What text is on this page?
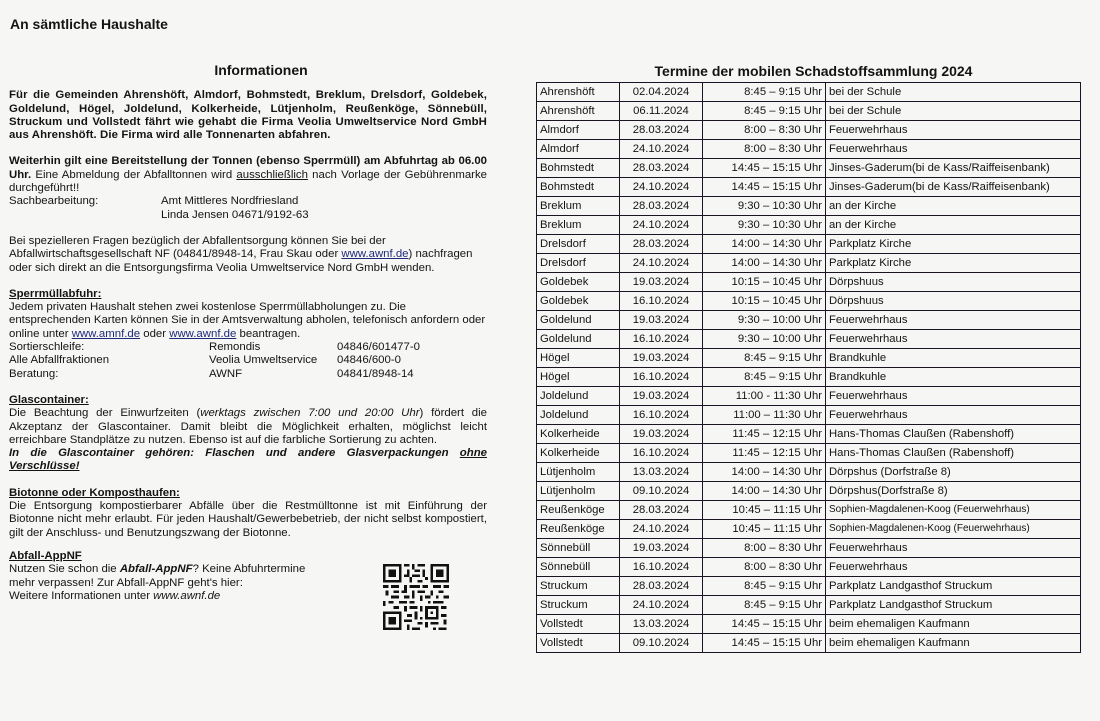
An sämtliche Haushalte
Informationen

Für die Gemeinden Ahrenshöft, Almdorf, Bohmstedt, Breklum, Drelsdorf, Goldebek, Goldelund, Högel, Joldelund, Kolkerheide, Lütjenholm, Reußenköge, Sönnebüll, Struckum und Vollstedt fährt wie gehabt die Firma Veolia Umweltservice Nord GmbH aus Ahrenshöft. Die Firma wird alle Tonnenarten abfahren.

Weiterhin gilt eine Bereitstellung der Tonnen (ebenso Sperrmüll) am Abfuhrtag ab 06.00 Uhr. Eine Abmeldung der Abfalltonnen wird ausschließlich nach Vorlage der Gebührenmarke durchgeführt!!

Sachbearbeitung:	Amt Mittleres Nordfriesland
Linda Jensen 04671/9192-63

Bei spezielleren Fragen bezüglich der Abfallentsorgung können Sie bei der Abfallwirtschaftsgesellschaft NF (04841/8948-14, Frau Skau oder www.awnf.de) nachfragen oder sich direkt an die Entsorgungsfirma Veolia Umweltservice Nord GmbH wenden.

Sperrmüllabfuhr:

Jedem privaten Haushalt stehen zwei kostenlose Sperrmüllabholungen zu. Die entsprechenden Karten können Sie in der Amtsverwaltung abholen, telefonisch anfordern oder online unter www.amnf.de oder www.awnf.de beantragen.

Sortierschleife:	Remondis	04846/601477-0
Alle Abfallfraktionen	Veolia Umweltservice	04846/600-0
Beratung:	AWNF	04841/8948-14

Glascontainer:

Die Beachtung der Einwurfzeiten (werktags zwischen 7:00 und 20:00 Uhr) fördert die Akzeptanz der Glascontainer. Damit bleibt die Möglichkeit erhalten, möglichst leicht erreichbare Standplätze zu nutzen. Ebenso ist auf die farbliche Sortierung zu achten.

In die Glascontainer gehören: Flaschen und andere Glasverpackungen ohne Verschlüsse!

Biotonne oder Komposthaufen:

Die Entsorgung kompostierbarer Abfälle über die Restmülltonne ist mit Einführung der Biotonne nicht mehr erlaubt. Für jeden Haushalt/Gewerbebetrieb, der nicht selbst kompostiert, gilt der Anschluss- und Benutzungszwang der Biotonne.

Abfall-AppNF

Nutzen Sie schon die Abfall-AppNF? Keine Abfuhrtermine

mehr verpassen! Zur Abfall-AppNF geht's hier:

Weitere Informationen unter www.awnf.de

Termine der mobilen Schadstoffsammlung 2024
Ahrenshöft	02.04.2024	8:45 – 9:15 Uhr	bei der Schule
Ahrenshöft	06.11.2024	8:45 – 9:15 Uhr	bei der Schule
Almdorf	28.03.2024	8:00 – 8:30 Uhr	Feuerwehrhaus
Almdorf	24.10.2024	8:00 – 8:30 Uhr	Feuerwehrhaus
Bohmstedt	28.03.2024	14:45 – 15:15 Uhr	Jinses-Gaderum(bi de Kass/Raiffeisenbank)
Bohmstedt	24.10.2024	14:45 – 15:15 Uhr	Jinses-Gaderum(bi de Kass/Raiffeisenbank)
Breklum	28.03.2024	9:30 – 10:30 Uhr	an der Kirche
Breklum	24.10.2024	9:30 – 10:30 Uhr	an der Kirche
Drelsdorf	28.03.2024	14:00 – 14:30 Uhr	Parkplatz Kirche
Drelsdorf	24.10.2024	14:00 – 14:30 Uhr	Parkplatz Kirche
Goldebek	19.03.2024	10:15 – 10:45 Uhr	Dörpshuus
Goldebek	16.10.2024	10:15 – 10:45 Uhr	Dörpshuus
Goldelund	19.03.2024	9:30 – 10:00 Uhr	Feuerwehrhaus
Goldelund	16.10.2024	9:30 – 10:00 Uhr	Feuerwehrhaus
Högel	19.03.2024	8:45 – 9:15 Uhr	Brandkuhle
Högel	16.10.2024	8:45 – 9:15 Uhr	Brandkuhle
Joldelund	19.03.2024	11:00 - 11:30 Uhr	Feuerwehrhaus
Joldelund	16.10.2024	11:00 – 11:30 Uhr	Feuerwehrhaus
Kolkerheide	19.03.2024	11:45 – 12:15 Uhr	Hans-Thomas Claußen (Rabenshoff)
Kolkerheide	16.10.2024	11:45 – 12:15 Uhr	Hans-Thomas Claußen (Rabenshoff)
Lütjenholm	13.03.2024	14:00 – 14:30 Uhr	Dörpshus (Dorfstraße 8)
Lütjenholm	09.10.2024	14:00 – 14:30 Uhr	Dörpshus(Dorfstraße 8)
Reußenköge	28.03.2024	10:45 – 11:15 Uhr	Sophien-Magdalenen-Koog (Feuerwehrhaus)
Reußenköge	24.10.2024	10:45 – 11:15 Uhr	Sophien-Magdalenen-Koog (Feuerwehrhaus)
Sönnebüll	19.03.2024	8:00 – 8:30 Uhr	Feuerwehrhaus
Sönnebüll	16.10.2024	8:00 – 8:30 Uhr	Feuerwehrhaus
Struckum	28.03.2024	8:45 – 9:15 Uhr	Parkplatz Landgasthof Struckum
Struckum	24.10.2024	8:45 – 9:15 Uhr	Parkplatz Landgasthof Struckum
Vollstedt	13.03.2024	14:45 – 15:15 Uhr	beim ehemaligen Kaufmann
Vollstedt	09.10.2024	14:45 – 15:15 Uhr	beim ehemaligen Kaufmann
